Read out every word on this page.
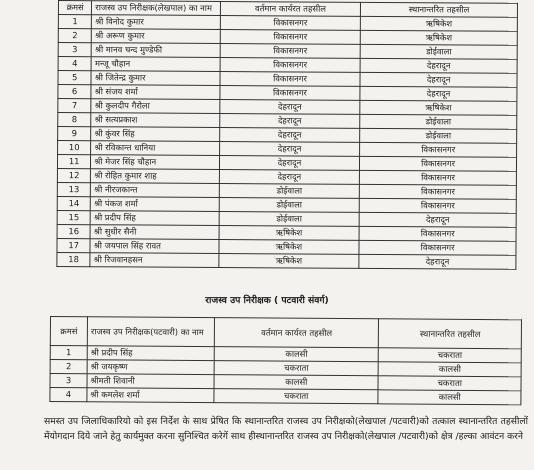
क्रमसं	राजस्व उप निरीक्षक(लेखपाल) का नाम	वर्तमान कार्यरत तहसील	स्थानान्तरित तहसील
1	श्री विनोद कुमार	विकासनगर	ऋषिकेश
2	श्री अरूण कुमार	विकासनगर	ऋषिकेश
3	श्री मानव चन्द मुण्डेफी	विकासनगर	डोईवाला
4	मन्जू चौहान	विकासनगर	देहरादून
5	श्री जितेन्द्र कुमार	विकासनगर	देहरादून
6	श्री संजय शर्मा	विकासनगर	देहरादून
7	श्री कुलदीप गैरोला	देहरादून	ऋषिकेश
8	श्री सत्यप्रकाश	देहरादून	डोईवाला
9	श्री कुंवर सिंह	देहरादून	डोईवाला
10	श्री रविकान्त धानिया	देहरादून	विकासनगर
11	श्री मेजर सिंह चौहान	देहरादून	विकासनगर
12	श्री रोहित कुमार शाह	देहरादून	विकासनगर
13	श्री नीरजकान्त	डोईवाला	विकासनगर
14	श्री पंकज शर्मा	डोईवाला	विकासनगर
15	श्री प्रदीप सिंह	डोईवाला	देहरादून
16	श्री सुधीर सैनी	ऋषिकेश	विकासनगर
17	श्री जयपाल सिंह रावत	ऋषिकेश	विकासनगर
18	श्री रिजवानहसन	ऋषिकेश	देहरादून
राजस्व उप निरीक्षक ( पटवारी संवर्ग)
क्रमसं	राजस्व उप निरीक्षक(पटवारी) का नाम	वर्तमान कार्यरत तहसील	स्थानान्तरित तहसील
1	श्री प्रदीप सिंह	कालसी	चकराता
2	श्री जयकृष्ण	चकराता	कालसी
3	श्रीमती शिवानी	कालसी	चकराता
4	श्री कमलेश शर्मा	चकराता	कालसी
समस्त उप जिलाधिकारियो को इस निर्देश के साथ प्रेषित कि स्थानान्तरित राजस्व उप निरीक्षको(लेखपाल /पटवारी)को तत्काल स्थानान्तरित तहसीलों मेंयोगदान दिये जाने हेतु कार्यमुक्त करना सुनिश्चित करेगें साथ हीस्थानान्तरित राजस्व उप निरीक्षको(लेखपाल /पटवारी)को क्षेत्र /हल्का आवंटन करने
